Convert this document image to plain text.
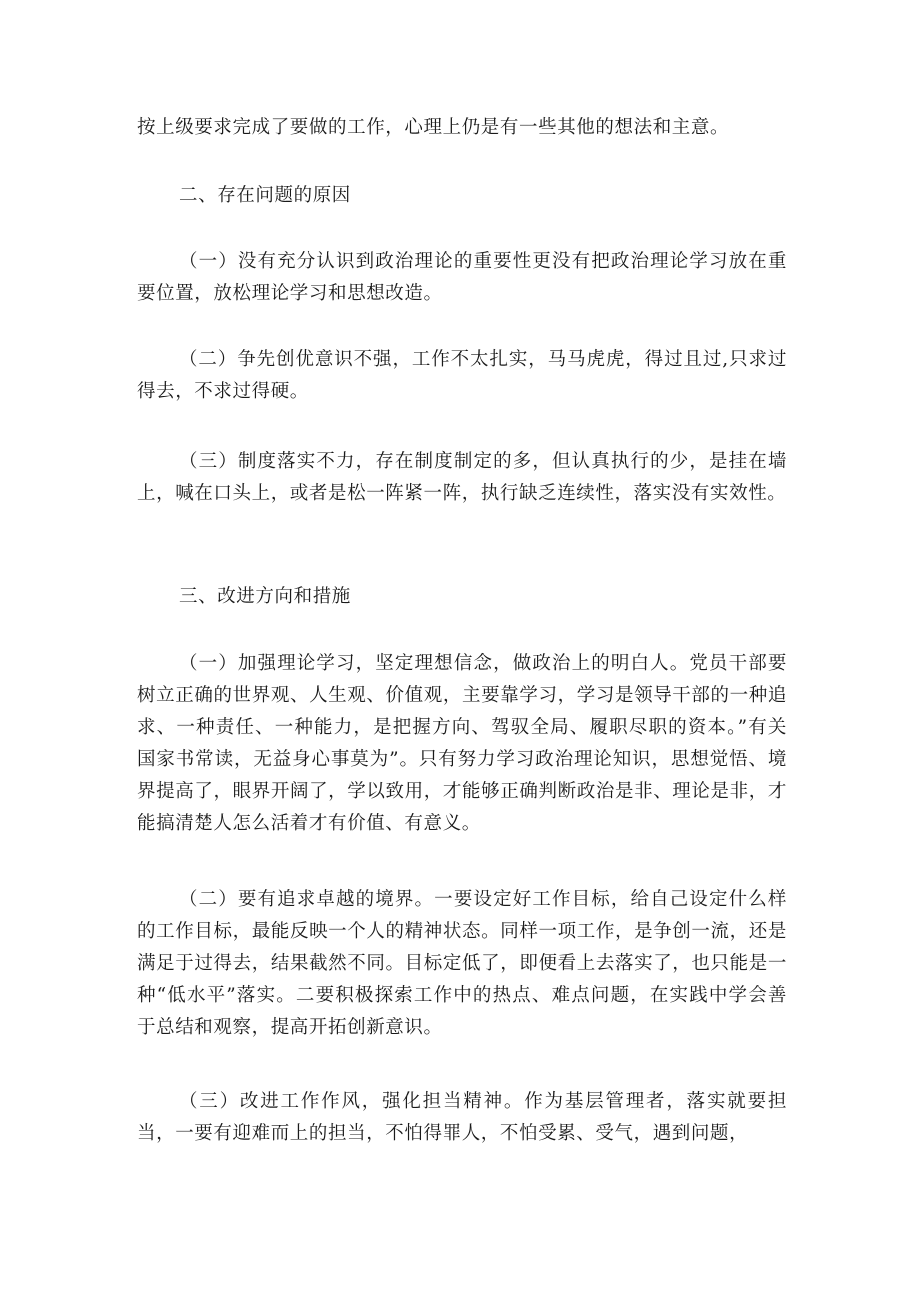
按上级要求完成了要做的工作，心理上仍是有一些其他的想法和主意。

二、存在问题的原因

（一）没有充分认识到政治理论的重要性更没有把政治理论学习放在重要位置，放松理论学习和思想改造。

（二）争先创优意识不强，工作不太扎实，马马虎虎，得过且过,只求过得去，不求过得硬。

（三）制度落实不力，存在制度制定的多，但认真执行的少，是挂在墙上，喊在口头上，或者是松一阵紧一阵，执行缺乏连续性，落实没有实效性。

三、改进方向和措施

（一）加强理论学习，坚定理想信念，做政治上的明白人。党员干部要树立正确的世界观、人生观、价值观，主要靠学习，学习是领导干部的一种追求、一种责任、一种能力，是把握方向、驾驭全局、履职尽职的资本。”有关国家书常读，无益身心事莫为”。只有努力学习政治理论知识，思想觉悟、境界提高了，眼界开阔了，学以致用，才能够正确判断政治是非、理论是非，才能搞清楚人怎么活着才有价值、有意义。

（二）要有追求卓越的境界。一要设定好工作目标，给自己设定什么样的工作目标，最能反映一个人的精神状态。同样一项工作，是争创一流，还是满足于过得去，结果截然不同。目标定低了，即便看上去落实了，也只能是一种“低水平”落实。二要积极探索工作中的热点、难点问题，在实践中学会善于总结和观察，提高开拓创新意识。

（三）改进工作作风，强化担当精神。作为基层管理者，落实就要担当，一要有迎难而上的担当，不怕得罪人，不怕受累、受气，遇到问题，
